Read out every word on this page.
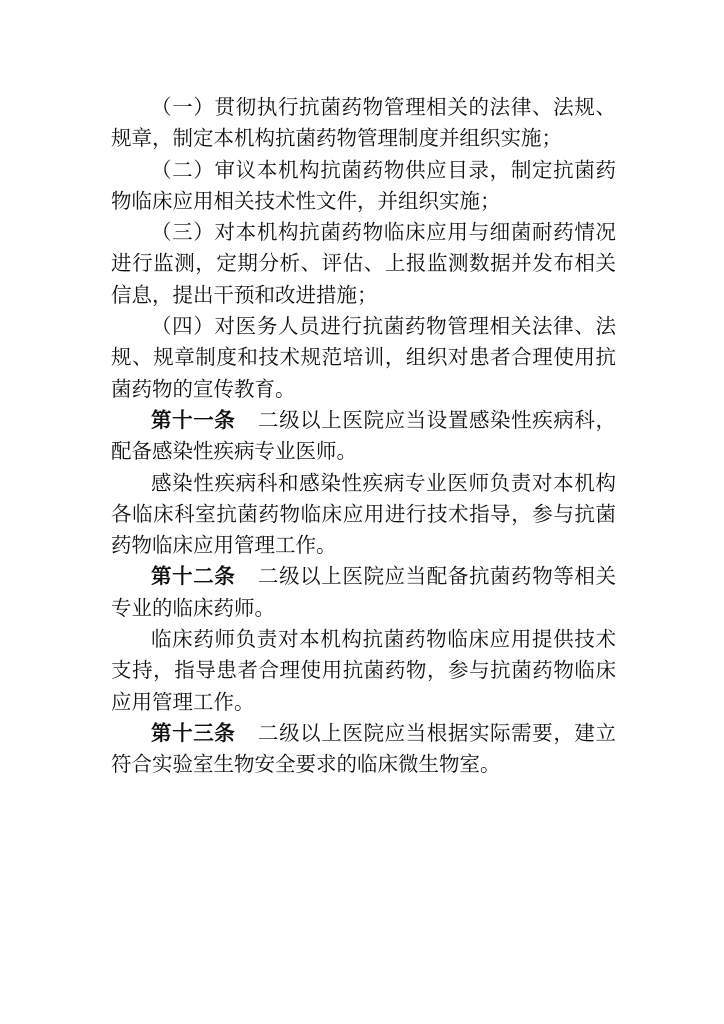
（一）贯彻执行抗菌药物管理相关的法律、法规、规章，制定本机构抗菌药物管理制度并组织实施；

（二）审议本机构抗菌药物供应目录，制定抗菌药物临床应用相关技术性文件，并组织实施；

（三）对本机构抗菌药物临床应用与细菌耐药情况进行监测，定期分析、评估、上报监测数据并发布相关信息，提出干预和改进措施；

（四）对医务人员进行抗菌药物管理相关法律、法规、规章制度和技术规范培训，组织对患者合理使用抗菌药物的宣传教育。

第十一条 二级以上医院应当设置感染性疾病科，配备感染性疾病专业医师。

感染性疾病科和感染性疾病专业医师负责对本机构各临床科室抗菌药物临床应用进行技术指导，参与抗菌药物临床应用管理工作。

第十二条 二级以上医院应当配备抗菌药物等相关专业的临床药师。

临床药师负责对本机构抗菌药物临床应用提供技术支持，指导患者合理使用抗菌药物，参与抗菌药物临床应用管理工作。

第十三条 二级以上医院应当根据实际需要，建立符合实验室生物安全要求的临床微生物室。
